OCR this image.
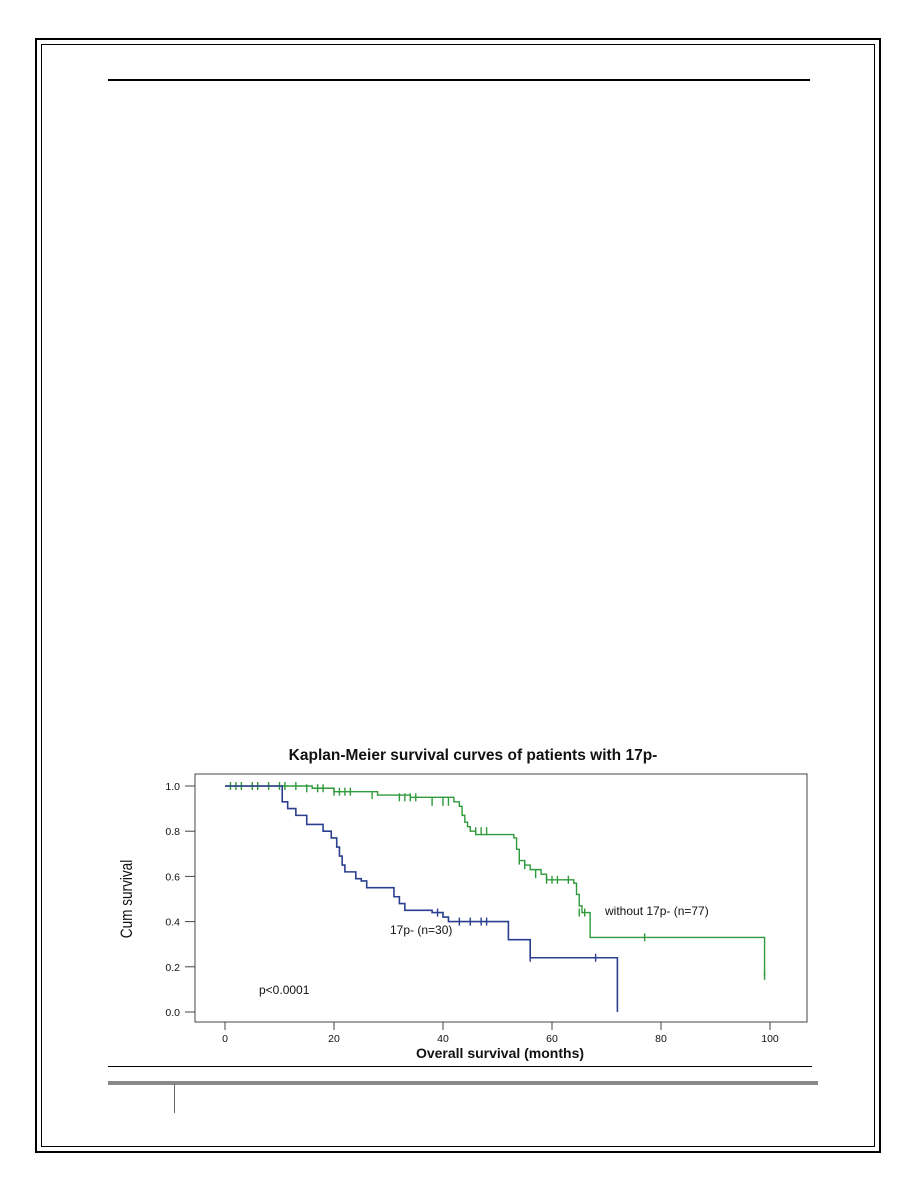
Kaplan-Meier survival curves of patients with 17p-
0.0
0.2
0.4
0.6
0.8
1.0
0	20	40	60	80	100
without 17p- (n=77)
17p- (n=30)
p<0.0001
Cum survival
Overall survival (months)
